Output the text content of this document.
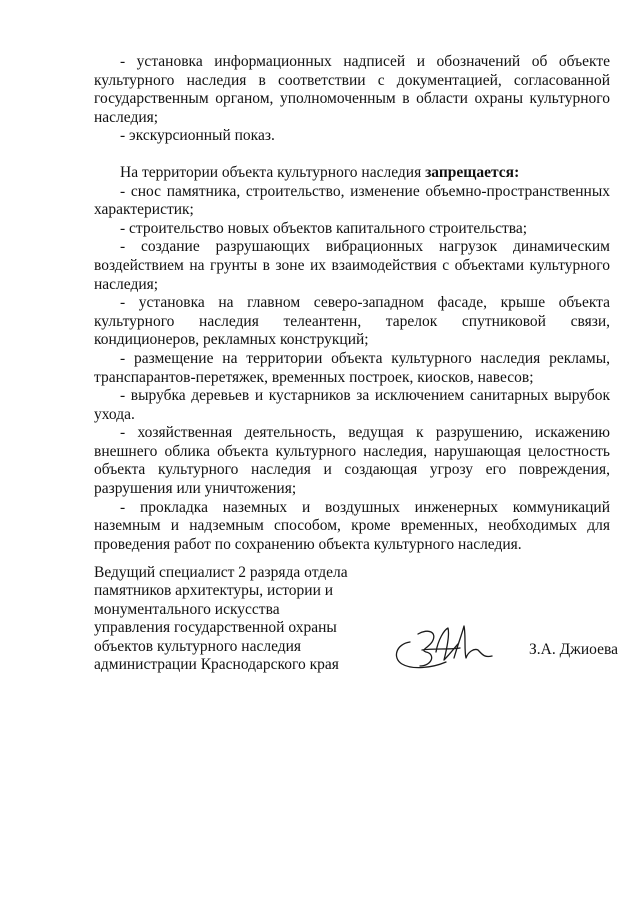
- установка информационных надписей и обозначений об объекте культурного наследия в соответствии с документацией, согласованной государственным органом, уполномоченным в области охраны культурного наследия;

- экскурсионный показ.

На территории объекта культурного наследия запрещается:

- снос памятника, строительство, изменение объемно-пространственных характеристик;

- строительство новых объектов капитального строительства;

- создание разрушающих вибрационных нагрузок динамическим воздействием на грунты в зоне их взаимодействия с объектами культурного наследия;

- установка на главном северо-западном фасаде, крыше объекта культурного наследия телеантенн, тарелок спутниковой связи, кондиционеров, рекламных конструкций;

- размещение на территории объекта культурного наследия рекламы, транспарантов-перетяжек, временных построек, киосков, навесов;

- вырубка деревьев и кустарников за исключением санитарных вырубок ухода.

- хозяйственная деятельность, ведущая к разрушению, искажению внешнего облика объекта культурного наследия, нарушающая целостность объекта культурного наследия и создающая угрозу его повреждения, разрушения или уничтожения;

- прокладка наземных и воздушных инженерных коммуникаций наземным и надземным способом, кроме временных, необходимых для проведения работ по сохранению объекта культурного наследия.

Ведущий специалист 2 разряда отдела
памятников архитектуры, истории и
монументального искусства
управления государственной охраны
объектов культурного наследия
администрации Краснодарского края
З.А. Джиоева
